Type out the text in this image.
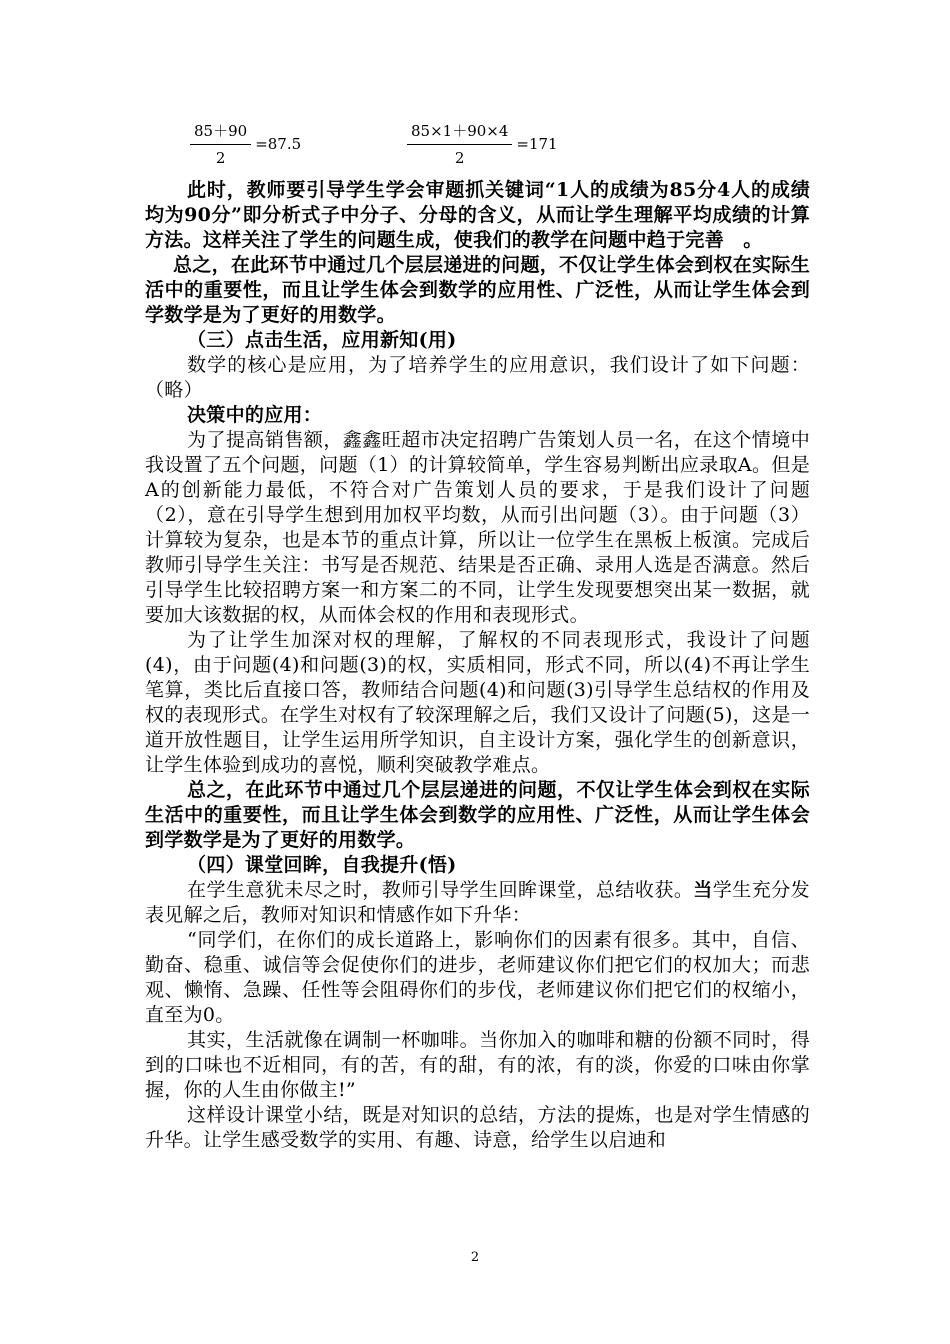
$\frac{85+90}{2} =87.5$	$\frac{85\times 1+90\times 4}{2} =171$

此时，教师要引导学生学会审题抓关键词“1人的成绩为85分4人的成绩均为90分”即分析式子中分子、分母的含义，从而让学生理解平均成绩的计算方法。这样关注了学生的问题生成，使我们的教学在问题中趋于完善　。

总之，在此环节中通过几个层层递进的问题，不仅让学生体会到权在实际生活中的重要性，而且让学生体会到数学的应用性、广泛性，从而让学生体会到学数学是为了更好的用数学。

（三）点击生活，应用新知(用)

数学的核心是应用，为了培养学生的应用意识，我们设计了如下问题：（略）

决策中的应用：

为了提高销售额，鑫鑫旺超市决定招聘广告策划人员一名，在这个情境中我设置了五个问题，问题（1）的计算较简单，学生容易判断出应录取A。但是A的创新能力最低，不符合对广告策划人员的要求，于是我们设计了问题（2），意在引导学生想到用加权平均数，从而引出问题（3）。由于问题（3）计算较为复杂，也是本节的重点计算，所以让一位学生在黑板上板演。完成后教师引导学生关注：书写是否规范、结果是否正确、录用人选是否满意。然后引导学生比较招聘方案一和方案二的不同，让学生发现要想突出某一数据，就要加大该数据的权，从而体会权的作用和表现形式。

为了让学生加深对权的理解，了解权的不同表现形式，我设计了问题(4)，由于问题(4)和问题(3)的权，实质相同，形式不同，所以(4)不再让学生笔算，类比后直接口答，教师结合问题(4)和问题(3)引导学生总结权的作用及权的表现形式。在学生对权有了较深理解之后，我们又设计了问题(5)，这是一道开放性题目，让学生运用所学知识，自主设计方案，强化学生的创新意识，让学生体验到成功的喜悦，顺利突破教学难点。

总之，在此环节中通过几个层层递进的问题，不仅让学生体会到权在实际生活中的重要性，而且让学生体会到数学的应用性、广泛性，从而让学生体会到学数学是为了更好的用数学。

（四）课堂回眸，自我提升(悟)

在学生意犹未尽之时，教师引导学生回眸课堂，总结收获。当学生充分发表见解之后，教师对知识和情感作如下升华：

“同学们，在你们的成长道路上，影响你们的因素有很多。其中，自信、勤奋、稳重、诚信等会促使你们的进步，老师建议你们把它们的权加大；而悲观、懒惰、急躁、任性等会阻碍你们的步伐，老师建议你们把它们的权缩小，直至为0。

其实，生活就像在调制一杯咖啡。当你加入的咖啡和糖的份额不同时，得到的口味也不近相同，有的苦，有的甜，有的浓，有的淡，你爱的口味由你掌握，你的人生由你做主!”

这样设计课堂小结，既是对知识的总结，方法的提炼，也是对学生情感的升华。让学生感受数学的实用、有趣、诗意，给学生以启迪和

2
